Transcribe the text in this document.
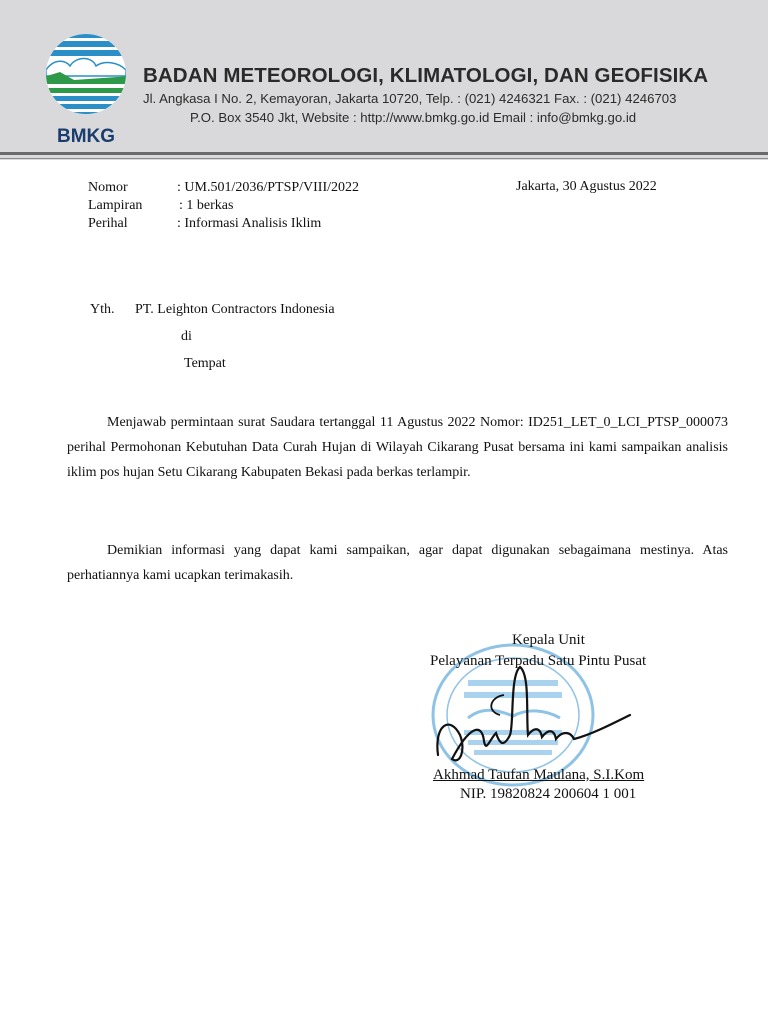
BMKG
BADAN METEOROLOGI, KLIMATOLOGI, DAN GEOFISIKA
Jl. Angkasa I No. 2, Kemayoran, Jakarta 10720, Telp. : (021) 4246321 Fax. : (021) 4246703
P.O. Box 3540 Jkt, Website : http://www.bmkg.go.id Email : info@bmkg.go.id
Nomor	: UM.501/2036/PTSP/VIII/2022
Lampiran	: 1 berkas
Perihal	: Informasi Analisis Iklim
Jakarta, 30 Agustus 2022
Yth. PT. Leighton Contractors Indonesia
di
Tempat
Menjawab permintaan surat Saudara tertanggal 11 Agustus 2022 Nomor: ID251_LET_0_LCI_PTSP_000073 perihal Permohonan Kebutuhan Data Curah Hujan di Wilayah Cikarang Pusat bersama ini kami sampaikan analisis iklim pos hujan Setu Cikarang Kabupaten Bekasi pada berkas terlampir.
Demikian informasi yang dapat kami sampaikan, agar dapat digunakan sebagaimana mestinya. Atas perhatiannya kami ucapkan terimakasih.
Kepala Unit
Pelayanan Terpadu Satu Pintu Pusat
Akhmad Taufan Maulana, S.I.Kom
NIP. 19820824 200604 1 001
